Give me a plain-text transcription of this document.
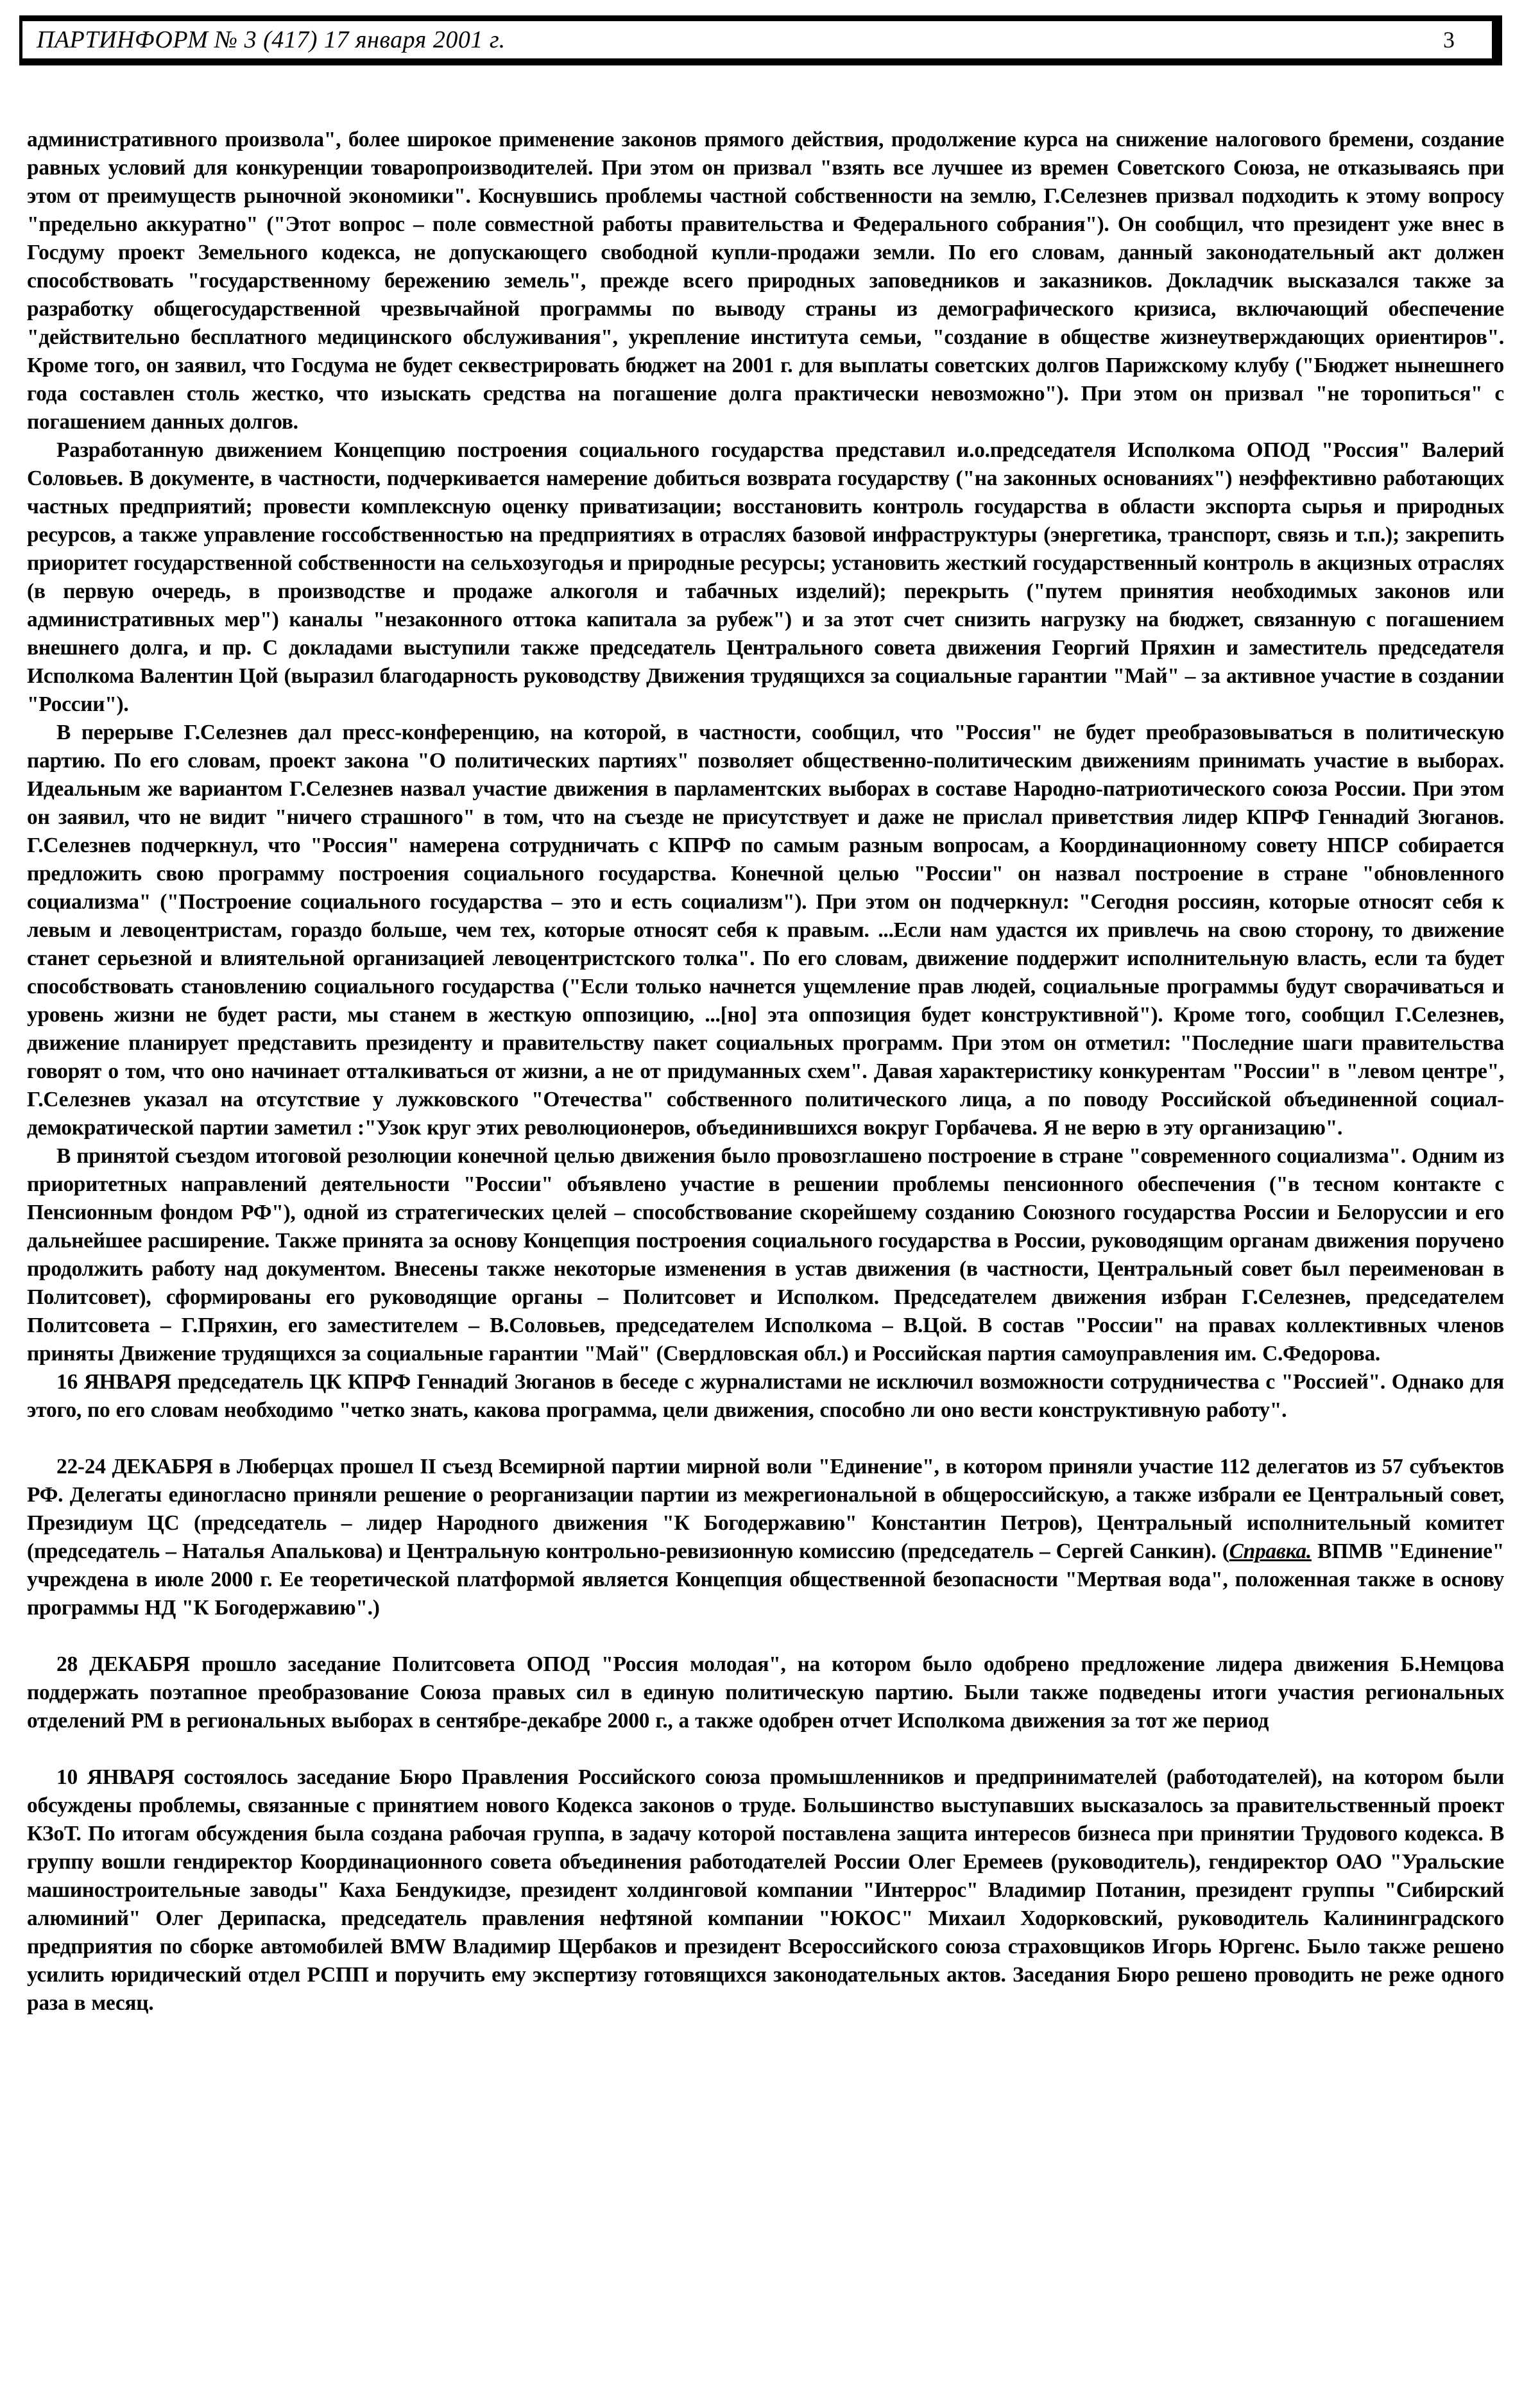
ПАРТИНФОРМ № 3 (417) 17 января 2001 г.	3

административного произвола", более широкое применение законов прямого действия, продолжение курса на снижение налогового бремени, создание равных условий для конкуренции товаропроизводителей. При этом он призвал "взять все лучшее из времен Советского Союза, не отказываясь при этом от преимуществ рыночной экономики". Коснувшись проблемы частной собственности на землю, Г.Селезнев призвал подходить к этому вопросу "предельно аккуратно" ("Этот вопрос – поле совместной работы правительства и Федерального собрания"). Он сообщил, что президент уже внес в Госдуму проект Земельного кодекса, не допускающего свободной купли-продажи земли. По его словам, данный законодательный акт должен способствовать "государственному бережению земель", прежде всего природных заповедников и заказников. Докладчик высказался также за разработку общегосударственной чрезвычайной программы по выводу страны из демографического кризиса, включающий обеспечение "действительно бесплатного медицинского обслуживания", укрепление института семьи, "создание в обществе жизнеутверждающих ориентиров". Кроме того, он заявил, что Госдума не будет секвестрировать бюджет на 2001 г. для выплаты советских долгов Парижскому клубу ("Бюджет нынешнего года составлен столь жестко, что изыскать средства на погашение долга практически невозможно"). При этом он призвал "не торопиться" с погашением данных долгов.

Разработанную движением Концепцию построения социального государства представил и.о.председателя Исполкома ОПОД "Россия" Валерий Соловьев. В документе, в частности, подчеркивается намерение добиться возврата государству ("на законных основаниях") неэффективно работающих частных предприятий; провести комплексную оценку приватизации; восстановить контроль государства в области экспорта сырья и природных ресурсов, а также управление госсобственностью на предприятиях в отраслях базовой инфраструктуры (энергетика, транспорт, связь и т.п.); закрепить приоритет государственной собственности на сельхозугодья и природные ресурсы; установить жесткий государственный контроль в акцизных отраслях (в первую очередь, в производстве и продаже алкоголя и табачных изделий); перекрыть ("путем принятия необходимых законов или административных мер") каналы "незаконного оттока капитала за рубеж") и за этот счет снизить нагрузку на бюджет, связанную с погашением внешнего долга, и пр. С докладами выступили также председатель Центрального совета движения Георгий Пряхин и заместитель председателя Исполкома Валентин Цой (выразил благодарность руководству Движения трудящихся за социальные гарантии "Май" – за активное участие в создании "России").

В перерыве Г.Селезнев дал пресс-конференцию, на которой, в частности, сообщил, что "Россия" не будет преобразовываться в политическую партию. По его словам, проект закона "О политических партиях" позволяет общественно-политическим движениям принимать участие в выборах. Идеальным же вариантом Г.Селезнев назвал участие движения в парламентских выборах в составе Народно-патриотического союза России. При этом он заявил, что не видит "ничего страшного" в том, что на съезде не присутствует и даже не прислал приветствия лидер КПРФ Геннадий Зюганов. Г.Селезнев подчеркнул, что "Россия" намерена сотрудничать с КПРФ по самым разным вопросам, а Координационному совету НПСР собирается предложить свою программу построения социального государства. Конечной целью "России" он назвал построение в стране "обновленного социализма" ("Построение социального государства – это и есть социализм"). При этом он подчеркнул: "Сегодня россиян, которые относят себя к левым и левоцентристам, гораздо больше, чем тех, которые относят себя к правым. ...Если нам удастся их привлечь на свою сторону, то движение станет серьезной и влиятельной организацией левоцентристского толка". По его словам, движение поддержит исполнительную власть, если та будет способствовать становлению социального государства ("Если только начнется ущемление прав людей, социальные программы будут сворачиваться и уровень жизни не будет расти, мы станем в жесткую оппозицию, ...[но] эта оппозиция будет конструктивной"). Кроме того, сообщил Г.Селезнев, движение планирует представить президенту и правительству пакет социальных программ. При этом он отметил: "Последние шаги правительства говорят о том, что оно начинает отталкиваться от жизни, а не от придуманных схем". Давая характеристику конкурентам "России" в "левом центре", Г.Селезнев указал на отсутствие у лужковского "Отечества" собственного политического лица, а по поводу Российской объединенной социал-демократической партии заметил :"Узок круг этих революционеров, объединившихся вокруг Горбачева. Я не верю в эту организацию".

В принятой съездом итоговой резолюции конечной целью движения было провозглашено построение в стране "современного социализма". Одним из приоритетных направлений деятельности "России" объявлено участие в решении проблемы пенсионного обеспечения ("в тесном контакте с Пенсионным фондом РФ"), одной из стратегических целей – способствование скорейшему созданию Союзного государства России и Белоруссии и его дальнейшее расширение. Также принята за основу Концепция построения социального государства в России, руководящим органам движения поручено продолжить работу над документом. Внесены также некоторые изменения в устав движения (в частности, Центральный совет был переименован в Политсовет), сформированы его руководящие органы – Политсовет и Исполком. Председателем движения избран Г.Селезнев, председателем Политсовета – Г.Пряхин, его заместителем – В.Соловьев, председателем Исполкома – В.Цой. В состав "России" на правах коллективных членов приняты Движение трудящихся за социальные гарантии "Май" (Свердловская обл.) и Российская партия самоуправления им. С.Федорова.

16 ЯНВАРЯ председатель ЦК КПРФ Геннадий Зюганов в беседе с журналистами не исключил возможности сотрудничества с "Россией". Однако для этого, по его словам необходимо "четко знать, какова программа, цели движения, способно ли оно вести конструктивную работу".

22-24 ДЕКАБРЯ в Люберцах прошел II съезд Всемирной партии мирной воли "Единение", в котором приняли участие 112 делегатов из 57 субъектов РФ. Делегаты единогласно приняли решение о реорганизации партии из межрегиональной в общероссийскую, а также избрали ее Центральный совет, Президиум ЦС (председатель – лидер Народного движения "К Богодержавию" Константин Петров), Центральный исполнительный комитет (председатель – Наталья Апалькова) и Центральную контрольно-ревизионную комиссию (председатель – Сергей Санкин). (Справка. ВПМВ "Единение" учреждена в июле 2000 г. Ее теоретической платформой является Концепция общественной безопасности "Мертвая вода", положенная также в основу программы НД "К Богодержавию".)

28 ДЕКАБРЯ прошло заседание Политсовета ОПОД "Россия молодая", на котором было одобрено предложение лидера движения Б.Немцова поддержать поэтапное преобразование Союза правых сил в единую политическую партию. Были также подведены итоги участия региональных отделений РМ в региональных выборах в сентябре-декабре 2000 г., а также одобрен отчет Исполкома движения за тот же период

10 ЯНВАРЯ состоялось заседание Бюро Правления Российского союза промышленников и предпринимателей (работодателей), на котором были обсуждены проблемы, связанные с принятием нового Кодекса законов о труде. Большинство выступавших высказалось за правительственный проект КЗоТ. По итогам обсуждения была создана рабочая группа, в задачу которой поставлена защита интересов бизнеса при принятии Трудового кодекса. В группу вошли гендиректор Координационного совета объединения работодателей России Олег Еремеев (руководитель), гендиректор ОАО "Уральские машиностроительные заводы" Каха Бендукидзе, президент холдинговой компании "Интеррос" Владимир Потанин, президент группы "Сибирский алюминий" Олег Дерипаска, председатель правления нефтяной компании "ЮКОС" Михаил Ходорковский, руководитель Калининградского предприятия по сборке автомобилей BMW Владимир Щербаков и президент Всероссийского союза страховщиков Игорь Юргенс. Было также решено усилить юридический отдел РСПП и поручить ему экспертизу готовящихся законодательных актов. Заседания Бюро решено проводить не реже одного раза в месяц.
